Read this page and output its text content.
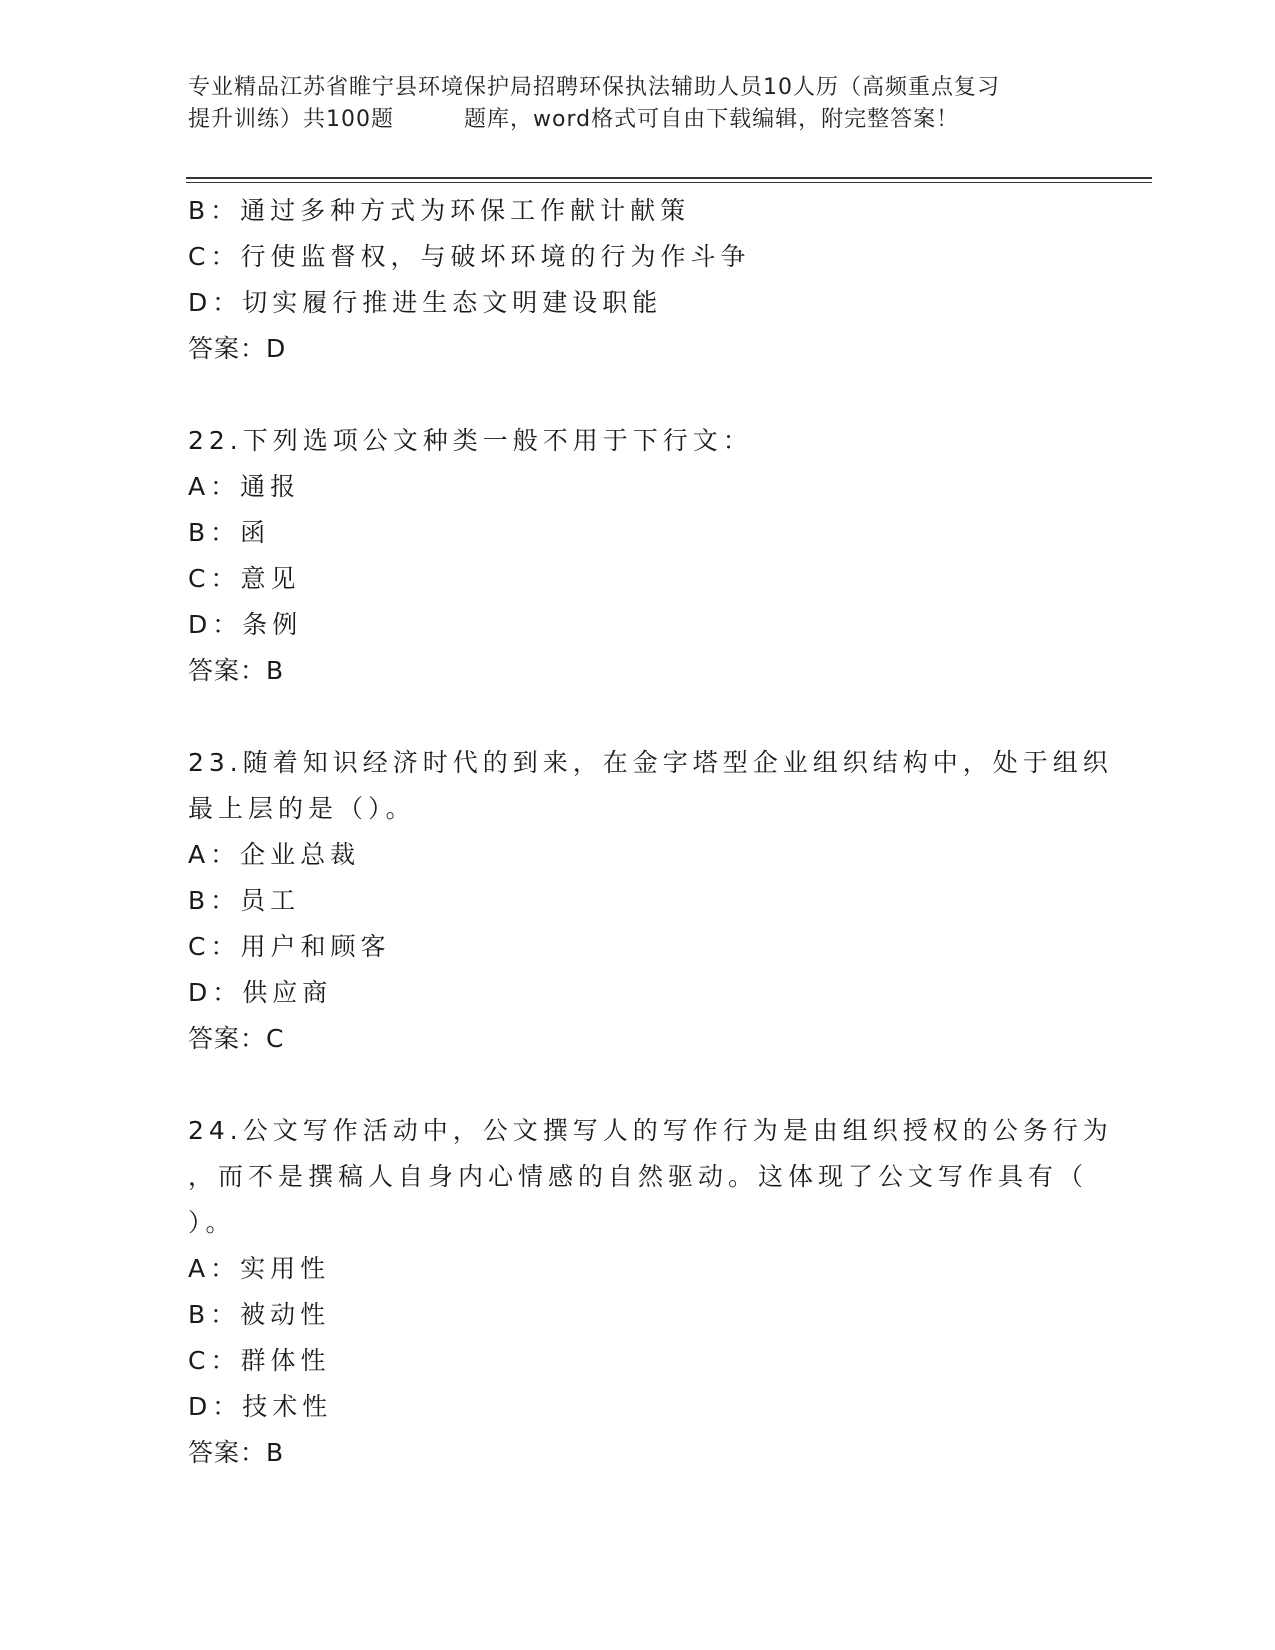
专业精品江苏省睢宁县环境保护局招聘环保执法辅助人员10人历（高频重点复习
提升训练）共100题	题库，word格式可自由下载编辑，附完整答案！
B：通过多种方式为环保工作献计献策
C：行使监督权，与破坏环境的行为作斗争
D：切实履行推进生态文明建设职能
答案：D
22.下列选项公文种类一般不用于下行文：
A：通报
B：函
C：意见
D：条例
答案：B
23.随着知识经济时代的到来，在金字塔型企业组织结构中，处于组织
最上层的是（）。
A：企业总裁
B：员工
C：用户和顾客
D：供应商
答案：C
24.公文写作活动中，公文撰写人的写作行为是由组织授权的公务行为
，而不是撰稿人自身内心情感的自然驱动。这体现了公文写作具有（
）。
A：实用性
B：被动性
C：群体性
D：技术性
答案：B
